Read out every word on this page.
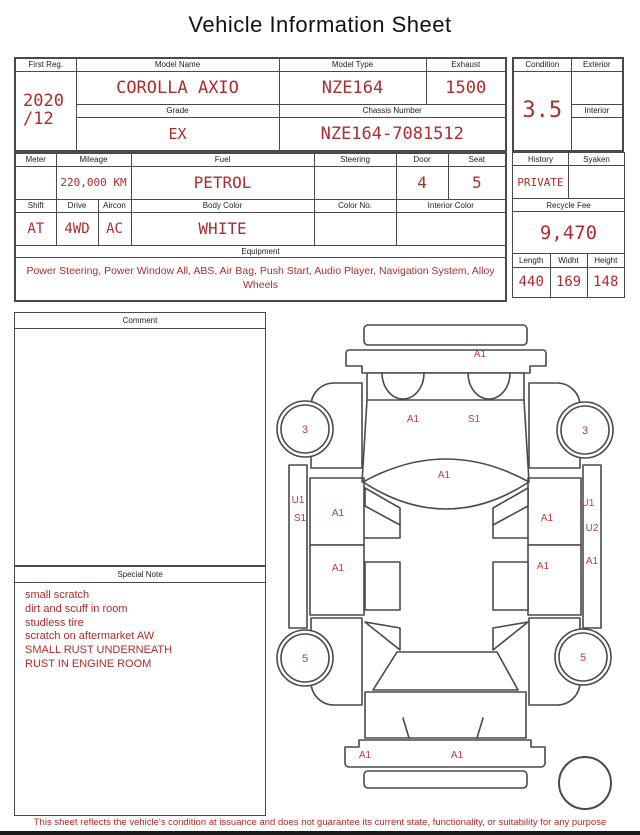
Vehicle Information Sheet
First Reg.	Model Name	Model Type	Exhaust

2020
/12	COROLLA AXIO	NZE164	1500
	Grade	Chassis Number	
	EX	NZE164-7081512	
Condition	Exterior
3.5	
	Interior

Meter	Mileage		Fuel	Steering	Door	Seat
	220,000 KM		PETROL		4	5
Shift	Drive	Aircon	Body Color	Color No.	Interior Color	
AT	4WD	AC	WHITE			
Equipment						
Power Steering, Power Window All, ABS, Air Bag, Push Start, Audio Player, Navigation System, Alloy Wheels						
History	Syaken
PRIVATE	
Recycle Fee
9,470

Length	Widht	Height
440	169	148
Comment
Special Note
small scratch
dirt and scuff in room
studless tire
scratch on aftermarket AW
SMALL RUST UNDERNEATH
RUST IN ENGINE ROOM
A1
A1	S1
A1
3	3
U1
S1	A1
A1
A1
A1
U1
U2
A1
5	5
A1	A1
This sheet reflects the vehicle's condition at issuance and does not guarantee its current state, functionality, or suitability for any purpose
